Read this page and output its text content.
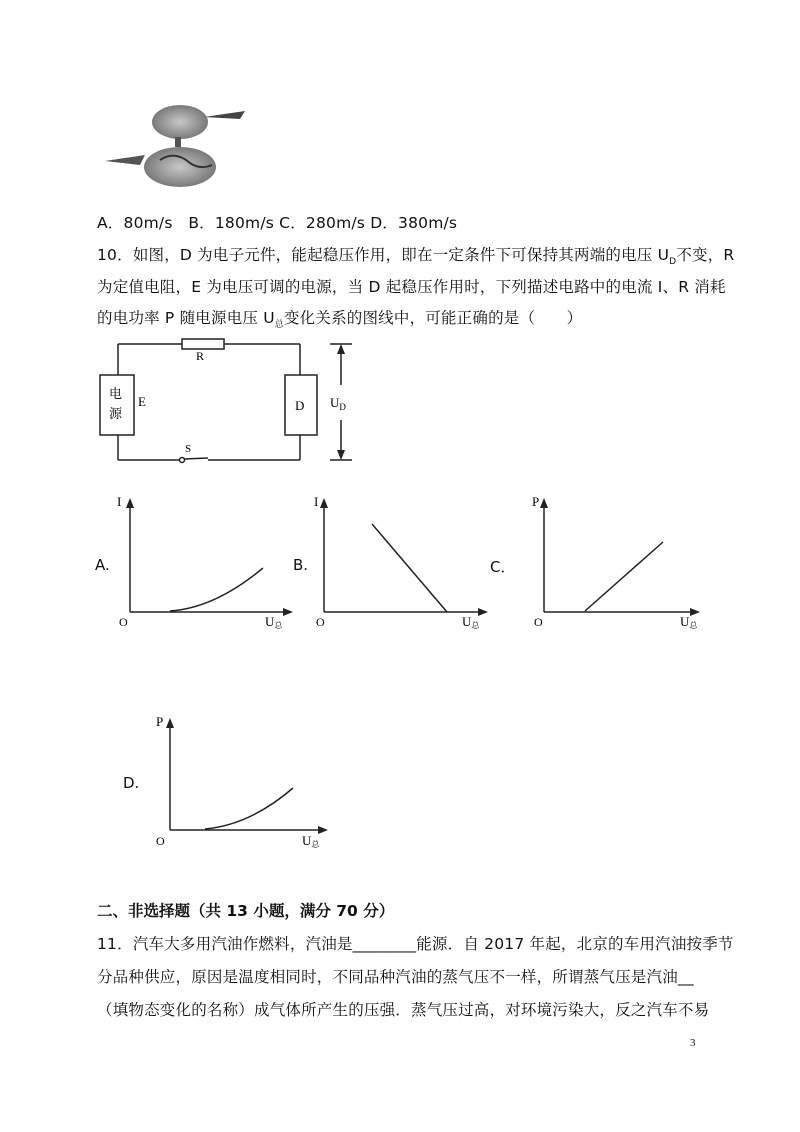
A．80m/s　B．180m/s C．280m/s D．380m/s
10．如图，D 为电子元件，能起稳压作用，即在一定条件下可保持其两端的电压 $U_D$不变，R
为定值电阻，E 为电压可调的电源，当 D 起稳压作用时，下列描述电路中的电流 I、R 消耗
的电功率 P 随电源电压 $U_总$变化关系的图线中，可能正确的是（　　）
R
电
源
E	D
S
$U_D$
A.
I
O	U总
B.
I
O	U总
C．
P
O	U总
D.
P
O	U总
二、非选择题（共 13 小题，满分 70 分）
11．汽车大多用汽油作燃料，汽油是________能源．自 2017 年起，北京的车用汽油按季节
分品种供应，原因是温度相同时，不同品种汽油的蒸气压不一样，所谓蒸气压是汽油__
（填物态变化的名称）成气体所产生的压强．蒸气压过高，对环境污染大，反之汽车不易
3
